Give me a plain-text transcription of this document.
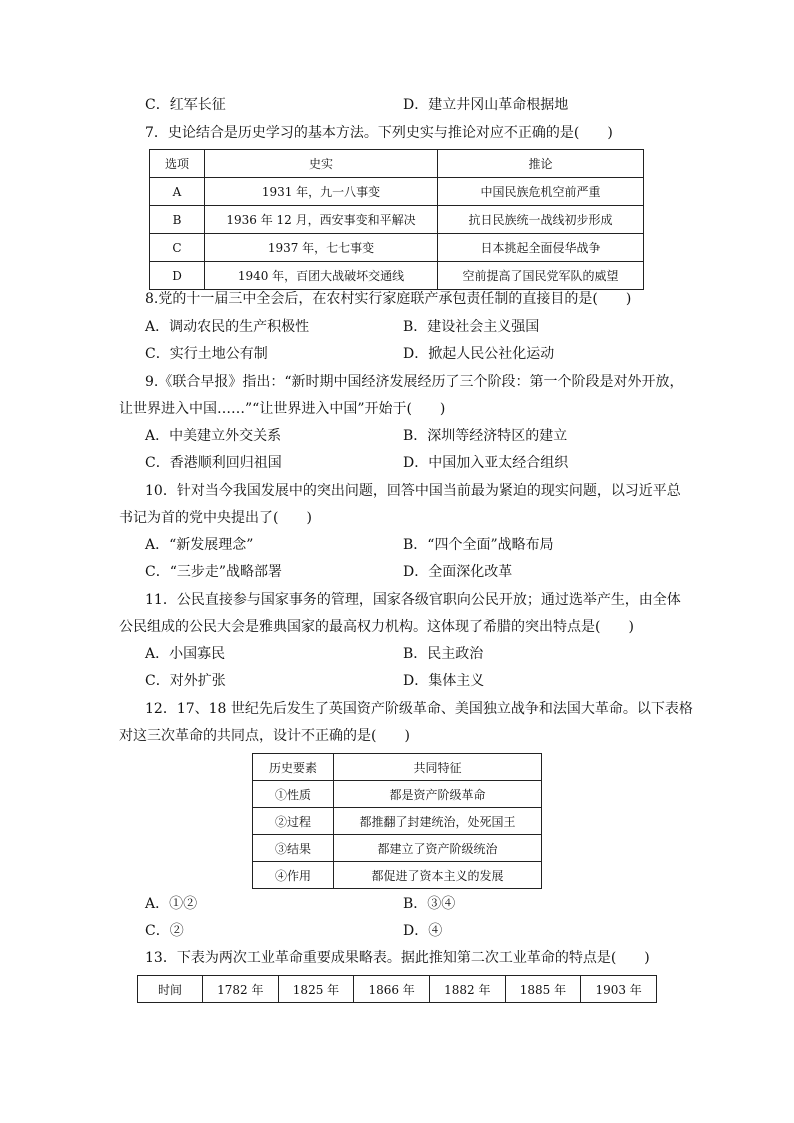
C．红军长征	D．建立井冈山革命根据地
7．史论结合是历史学习的基本方法。下列史实与推论对应不正确的是(　　)
选项	史实	推论
A	1931 年，九一八事变	中国民族危机空前严重
B	1936 年 12 月，西安事变和平解决	抗日民族统一战线初步形成
C	1937 年，七七事变	日本挑起全面侵华战争
D	1940 年，百团大战破坏交通线	空前提高了国民党军队的威望
8.党的十一届三中全会后，在农村实行家庭联产承包责任制的直接目的是(　　)
A．调动农民的生产积极性	B．建设社会主义强国
C．实行土地公有制	D．掀起人民公社化运动
9.《联合早报》指出：“新时期中国经济发展经历了三个阶段：第一个阶段是对外开放，
让世界进入中国……”“让世界进入中国”开始于(　　)
A．中美建立外交关系	B．深圳等经济特区的建立
C．香港顺利回归祖国	D．中国加入亚太经合组织
10．针对当今我国发展中的突出问题，回答中国当前最为紧迫的现实问题，以习近平总
书记为首的党中央提出了(　　)
A．“新发展理念”	B．“四个全面”战略布局
C．“三步走”战略部署	D．全面深化改革
11．公民直接参与国家事务的管理，国家各级官职向公民开放；通过选举产生，由全体
公民组成的公民大会是雅典国家的最高权力机构。这体现了希腊的突出特点是(　　)
A．小国寡民	B．民主政治
C．对外扩张	D．集体主义
12．17、18 世纪先后发生了英国资产阶级革命、美国独立战争和法国大革命。以下表格
对这三次革命的共同点，设计不正确的是(　　)
历史要素	共同特征
①性质	都是资产阶级革命
②过程	都推翻了封建统治，处死国王
③结果	都建立了资产阶级统治
④作用	都促进了资本主义的发展
A．①②	B．③④
C．②	D．④
13．下表为两次工业革命重要成果略表。据此推知第二次工业革命的特点是(　　)
时间	1782 年	1825 年	1866 年	1882 年	1885 年	1903 年
